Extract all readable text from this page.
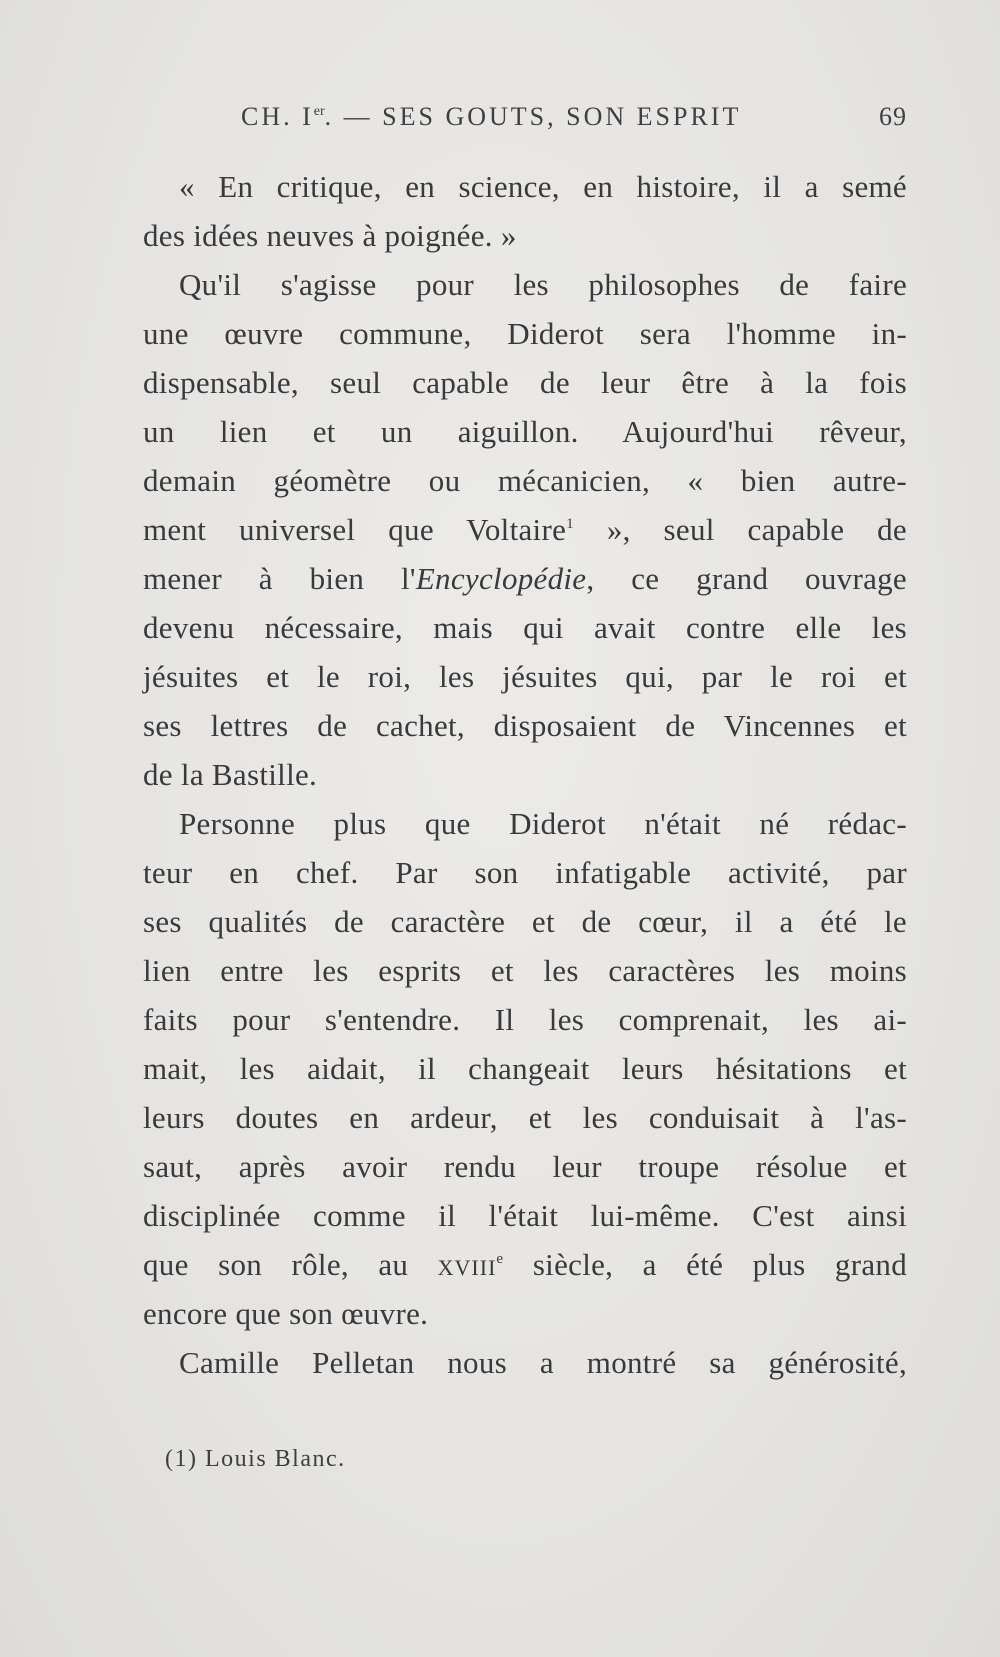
CH. Ier. — SES GOUTS, SON ESPRIT	69
« En critique, en science, en histoire, il a semé
des idées neuves à poignée. »
Qu'il s'agisse pour les philosophes de faire
une œuvre commune, Diderot sera l'homme in-
dispensable, seul capable de leur être à la fois
un lien et un aiguillon. Aujourd'hui rêveur,
demain géomètre ou mécanicien, « bien autre-
ment universel que Voltaire$^1$ », seul capable de
mener à bien l'Encyclopédie, ce grand ouvrage
devenu nécessaire, mais qui avait contre elle les
jésuites et le roi, les jésuites qui, par le roi et
ses lettres de cachet, disposaient de Vincennes et
de la Bastille.
Personne plus que Diderot n'était né rédac-
teur en chef. Par son infatigable activité, par
ses qualités de caractère et de cœur, il a été le
lien entre les esprits et les caractères les moins
faits pour s'entendre. Il les comprenait, les ai-
mait, les aidait, il changeait leurs hésitations et
leurs doutes en ardeur, et les conduisait à l'as-
saut, après avoir rendu leur troupe résolue et
disciplinée comme il l'était lui-même. C'est ainsi
que son rôle, au XVIIIe siècle, a été plus grand
encore que son œuvre.
Camille Pelletan nous a montré sa générosité,
(1) Louis Blanc.
